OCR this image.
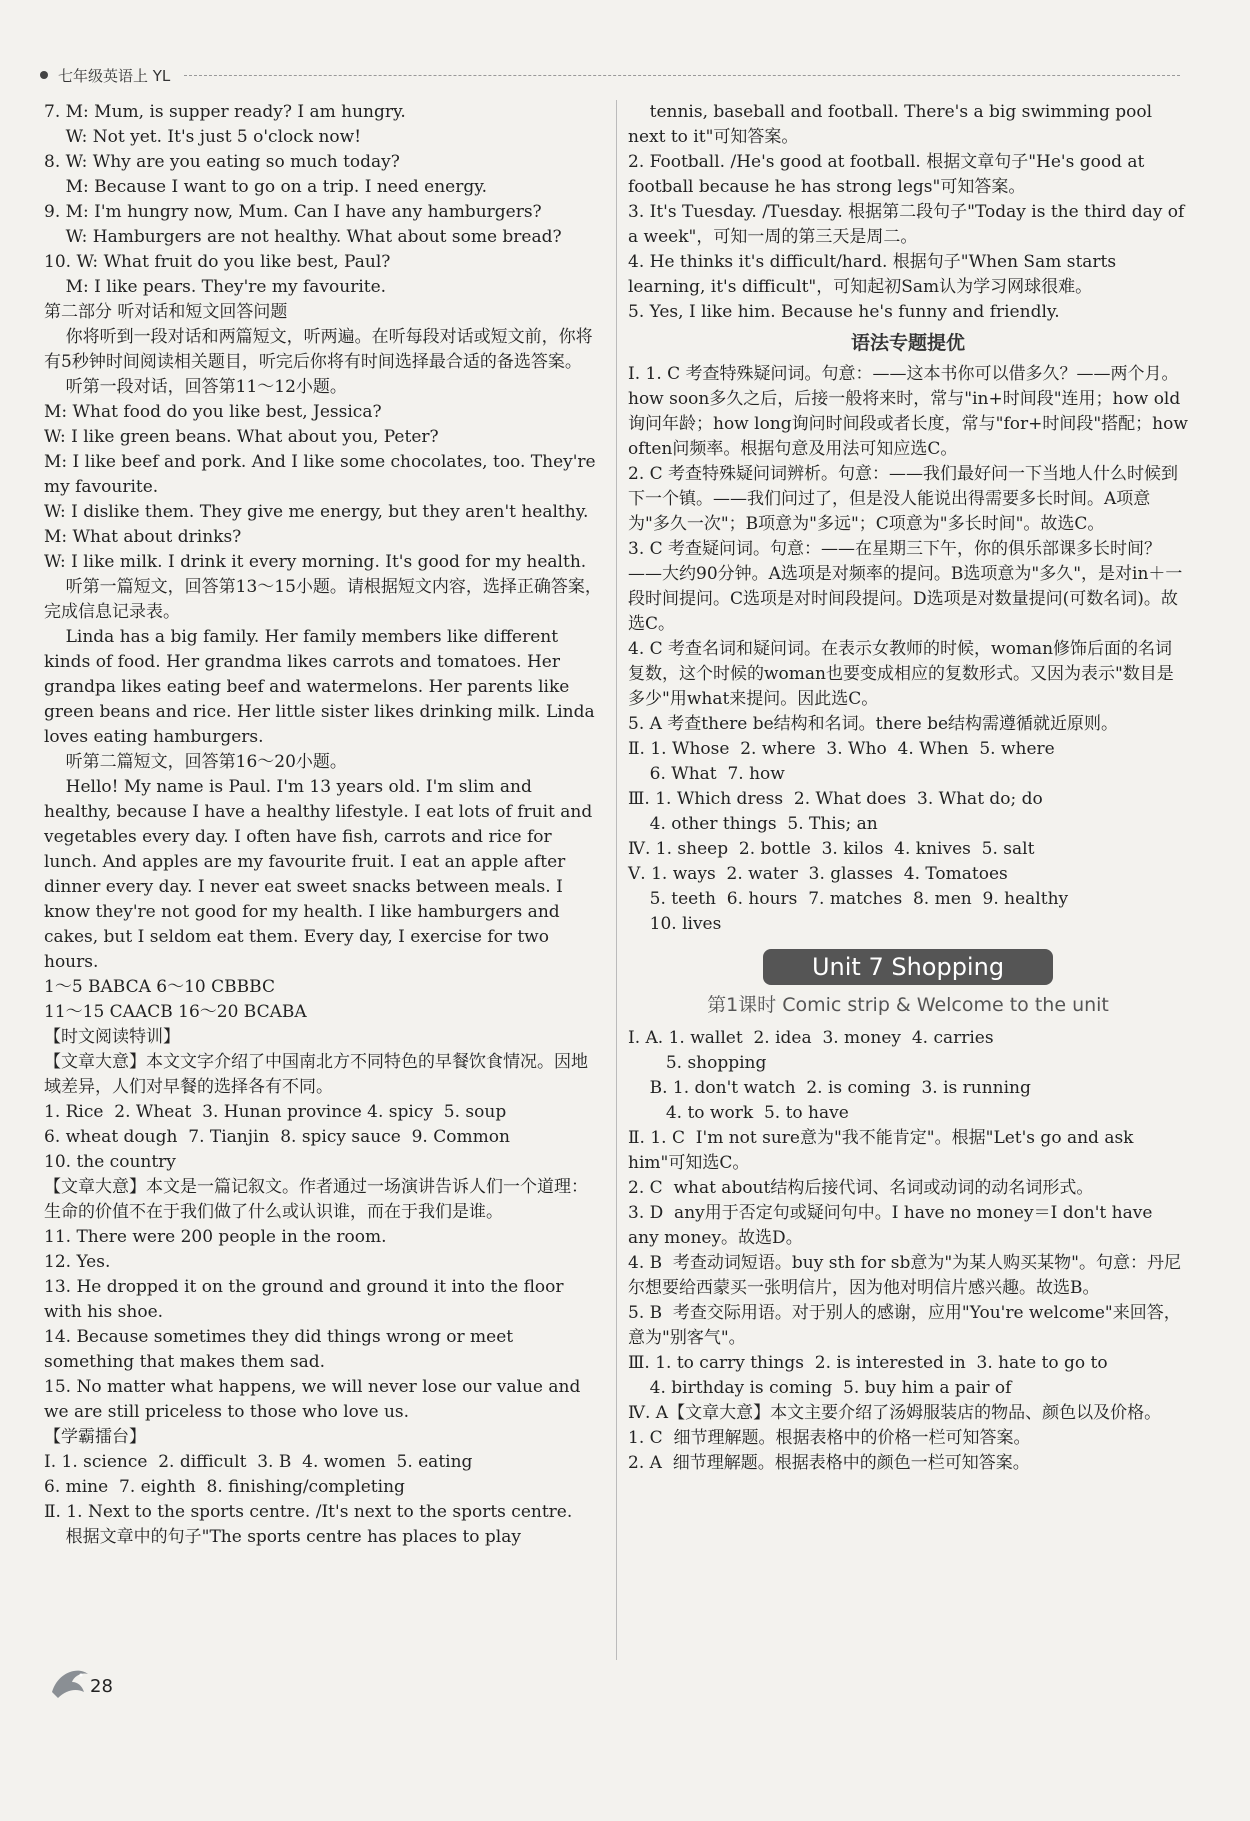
七年级英语上 YL

7. M: Mum, is supper ready? I am hungry.

W: Not yet. It's just 5 o'clock now!

8. W: Why are you eating so much today?

M: Because I want to go on a trip. I need energy.

9. M: I'm hungry now, Mum. Can I have any hamburgers?

W: Hamburgers are not healthy. What about some bread?

10. W: What fruit do you like best, Paul?

M: I like pears. They're my favourite.

第二部分 听对话和短文回答问题

你将听到一段对话和两篇短文，听两遍。在听每段对话或短文前，你将有5秒钟时间阅读相关题目，听完后你将有时间选择最合适的备选答案。

听第一段对话，回答第11～12小题。

M: What food do you like best, Jessica?

W: I like green beans. What about you, Peter?

M: I like beef and pork. And I like some chocolates, too. They're my favourite.

W: I dislike them. They give me energy, but they aren't healthy.

M: What about drinks?

W: I like milk. I drink it every morning. It's good for my health.

听第一篇短文，回答第13～15小题。请根据短文内容，选择正确答案，完成信息记录表。

Linda has a big family. Her family members like different kinds of food. Her grandma likes carrots and tomatoes. Her grandpa likes eating beef and watermelons. Her parents like green beans and rice. Her little sister likes drinking milk. Linda loves eating hamburgers.

听第二篇短文，回答第16～20小题。

Hello! My name is Paul. I'm 13 years old. I'm slim and healthy, because I have a healthy lifestyle. I eat lots of fruit and vegetables every day. I often have fish, carrots and rice for lunch. And apples are my favourite fruit. I eat an apple after dinner every day. I never eat sweet snacks between meals. I know they're not good for my health. I like hamburgers and cakes, but I seldom eat them. Every day, I exercise for two hours.

1～5 BABCA 6～10 CBBBC

11～15 CAACB 16～20 BCABA

【时文阅读特训】

【文章大意】本文文字介绍了中国南北方不同特色的早餐饮食情况。因地域差异，人们对早餐的选择各有不同。

1. Rice  2. Wheat  3. Hunan province 4. spicy  5. soup

6. wheat dough  7. Tianjin  8. spicy sauce  9. Common

10. the country

【文章大意】本文是一篇记叙文。作者通过一场演讲告诉人们一个道理：生命的价值不在于我们做了什么或认识谁，而在于我们是谁。

11. There were 200 people in the room.

12. Yes.

13. He dropped it on the ground and ground it into the floor with his shoe.

14. Because sometimes they did things wrong or meet something that makes them sad.

15. No matter what happens, we will never lose our value and we are still priceless to those who love us.

【学霸擂台】

Ⅰ. 1. science  2. difficult  3. B  4. women  5. eating

6. mine  7. eighth  8. finishing/completing

Ⅱ. 1. Next to the sports centre. /It's next to the sports centre.

根据文章中的句子"The sports centre has places to play

tennis, baseball and football. There's a big swimming pool next to it"可知答案。

2. Football. /He's good at football. 根据文章句子"He's good at football because he has strong legs"可知答案。

3. It's Tuesday. /Tuesday. 根据第二段句子"Today is the third day of a week"，可知一周的第三天是周二。

4. He thinks it's difficult/hard. 根据句子"When Sam starts learning, it's difficult"，可知起初Sam认为学习网球很难。

5. Yes, I like him. Because he's funny and friendly.

语法专题提优

Ⅰ. 1. C 考查特殊疑问词。句意：——这本书你可以借多久？——两个月。how soon多久之后，后接一般将来时，常与"in+时间段"连用；how old询问年龄；how long询问时间段或者长度，常与"for+时间段"搭配；how often问频率。根据句意及用法可知应选C。

2. C 考查特殊疑问词辨析。句意：——我们最好问一下当地人什么时候到下一个镇。——我们问过了，但是没人能说出得需要多长时间。A项意为"多久一次"；B项意为"多远"；C项意为"多长时间"。故选C。

3. C 考查疑问词。句意：——在星期三下午，你的俱乐部课多长时间？——大约90分钟。A选项是对频率的提问。B选项意为"多久"，是对in＋一段时间提问。C选项是对时间段提问。D选项是对数量提问(可数名词)。故选C。

4. C 考查名词和疑问词。在表示女教师的时候，woman修饰后面的名词复数，这个时候的woman也要变成相应的复数形式。又因为表示"数目是多少"用what来提问。因此选C。

5. A 考查there be结构和名词。there be结构需遵循就近原则。

Ⅱ. 1. Whose  2. where  3. Who  4. When  5. where

6. What  7. how

Ⅲ. 1. Which dress  2. What does  3. What do; do

4. other things  5. This; an

Ⅳ. 1. sheep  2. bottle  3. kilos  4. knives  5. salt

Ⅴ. 1. ways  2. water  3. glasses  4. Tomatoes

5. teeth  6. hours  7. matches  8. men  9. healthy

10. lives

Unit 7 Shopping
第1课时 Comic strip & Welcome to the unit

Ⅰ. A. 1. wallet  2. idea  3. money  4. carries

5. shopping

B. 1. don't watch  2. is coming  3. is running

4. to work  5. to have

Ⅱ. 1. C  I'm not sure意为"我不能肯定"。根据"Let's go and ask him"可知选C。

2. C  what about结构后接代词、名词或动词的动名词形式。

3. D  any用于否定句或疑问句中。I have no money＝I don't have any money。故选D。

4. B  考查动词短语。buy sth for sb意为"为某人购买某物"。句意：丹尼尔想要给西蒙买一张明信片，因为他对明信片感兴趣。故选B。

5. B  考查交际用语。对于别人的感谢，应用"You're welcome"来回答，意为"别客气"。

Ⅲ. 1. to carry things  2. is interested in  3. hate to go to

4. birthday is coming  5. buy him a pair of

Ⅳ. A【文章大意】本文主要介绍了汤姆服装店的物品、颜色以及价格。

1. C  细节理解题。根据表格中的价格一栏可知答案。

2. A  细节理解题。根据表格中的颜色一栏可知答案。

28
